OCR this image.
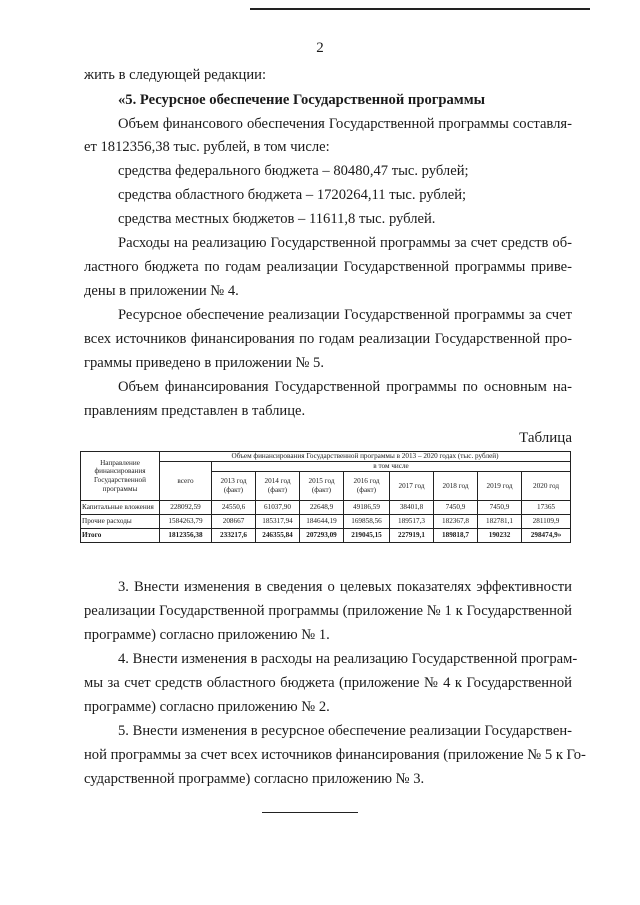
2
жить в следующей редакции:
«5. Ресурсное обеспечение Государственной программы
Объем финансового обеспечения Государственной программы составля-
ет 1812356,38 тыс. рублей, в том числе:
средства федерального бюджета – 80480,47 тыс. рублей;
средства областного бюджета – 1720264,11 тыс. рублей;
средства местных бюджетов – 11611,8 тыс. рублей.
Расходы на реализацию Государственной программы за счет средств об-
ластного бюджета по годам реализации Государственной программы приве-
дены в приложении № 4.
Ресурсное обеспечение реализации Государственной программы за счет
всех источников финансирования по годам реализации Государственной про-
граммы приведено в приложении № 5.
Объем финансирования Государственной программы по основным на-
правлениям представлен в таблице.
Таблица
Направление финансирования Государственной программы	Объем финансирования Государственной программы в 2013 – 2020 годах (тыс. рублей)								
	всего	в том числе							
		2013 год (факт)	2014 год (факт)	2015 год (факт)	2016 год (факт)	2017 год	2018 год	2019 год	2020 год
Капитальные вложения	228092,59	24550,6	61037,90	22648,9	49186,59	38401,8	7450,9	7450,9	17365
Прочие расходы	1584263,79	208667	185317,94	184644,19	169858,56	189517,3	182367,8	182781,1	281109,9
Итого	1812356,38	233217,6	246355,84	207293,09	219045,15	227919,1	189818,7	190232	298474,9»
3. Внести изменения в сведения о целевых показателях эффективности
реализации Государственной программы (приложение № 1 к Государственной
программе) согласно приложению № 1.
4. Внести изменения в расходы на реализацию Государственной програм-
мы за счет средств областного бюджета (приложение № 4 к Государственной
программе) согласно приложению № 2.
5. Внести изменения в ресурсное обеспечение реализации Государствен-
ной программы за счет всех источников финансирования (приложение № 5 к Го-
сударственной программе) согласно приложению № 3.
